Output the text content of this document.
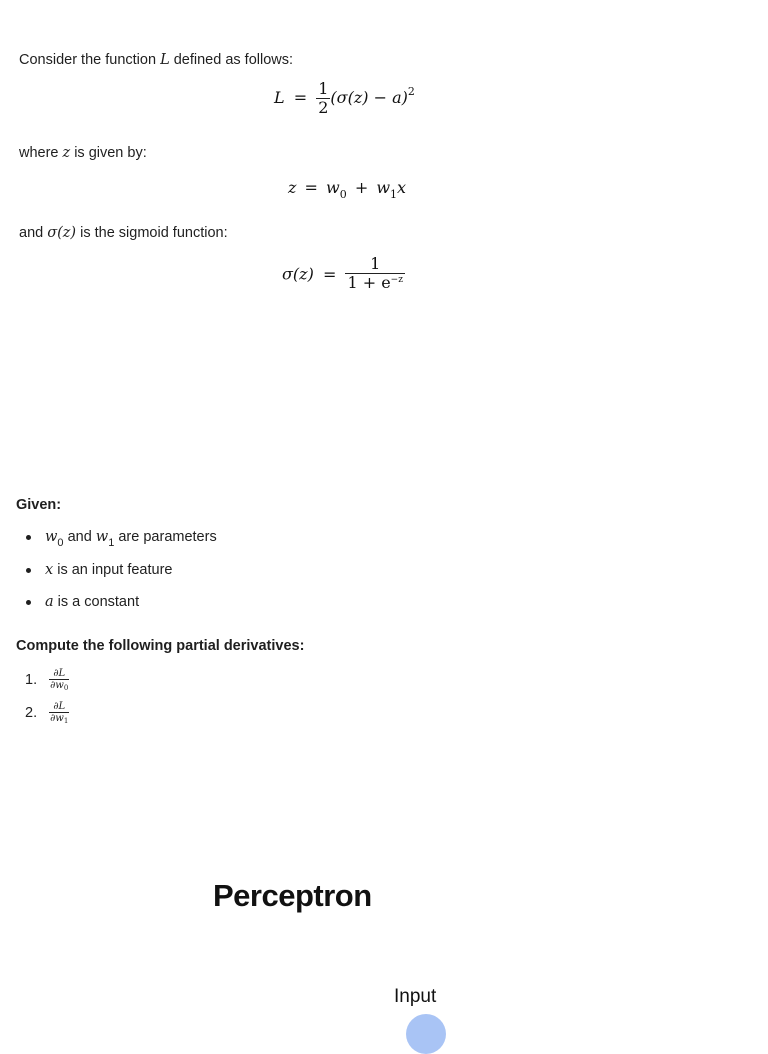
Consider the function L defined as follows:
$L = \frac{1}{2} (\sigma(z) - a)^2$
where z is given by:
$z = w_0 + w_1x$
and σ(z) is the sigmoid function:
$\sigma(z) = \frac{1}{1 + e^{-z}}$
Given:
$w_0$ and $w_1$ are parameters
x is an input feature
a is a constant
Compute the following partial derivatives:
1. $\frac{\partial L}{\partial w_0}$
2. $\frac{\partial L}{\partial w_1}$
Perceptron
Input
